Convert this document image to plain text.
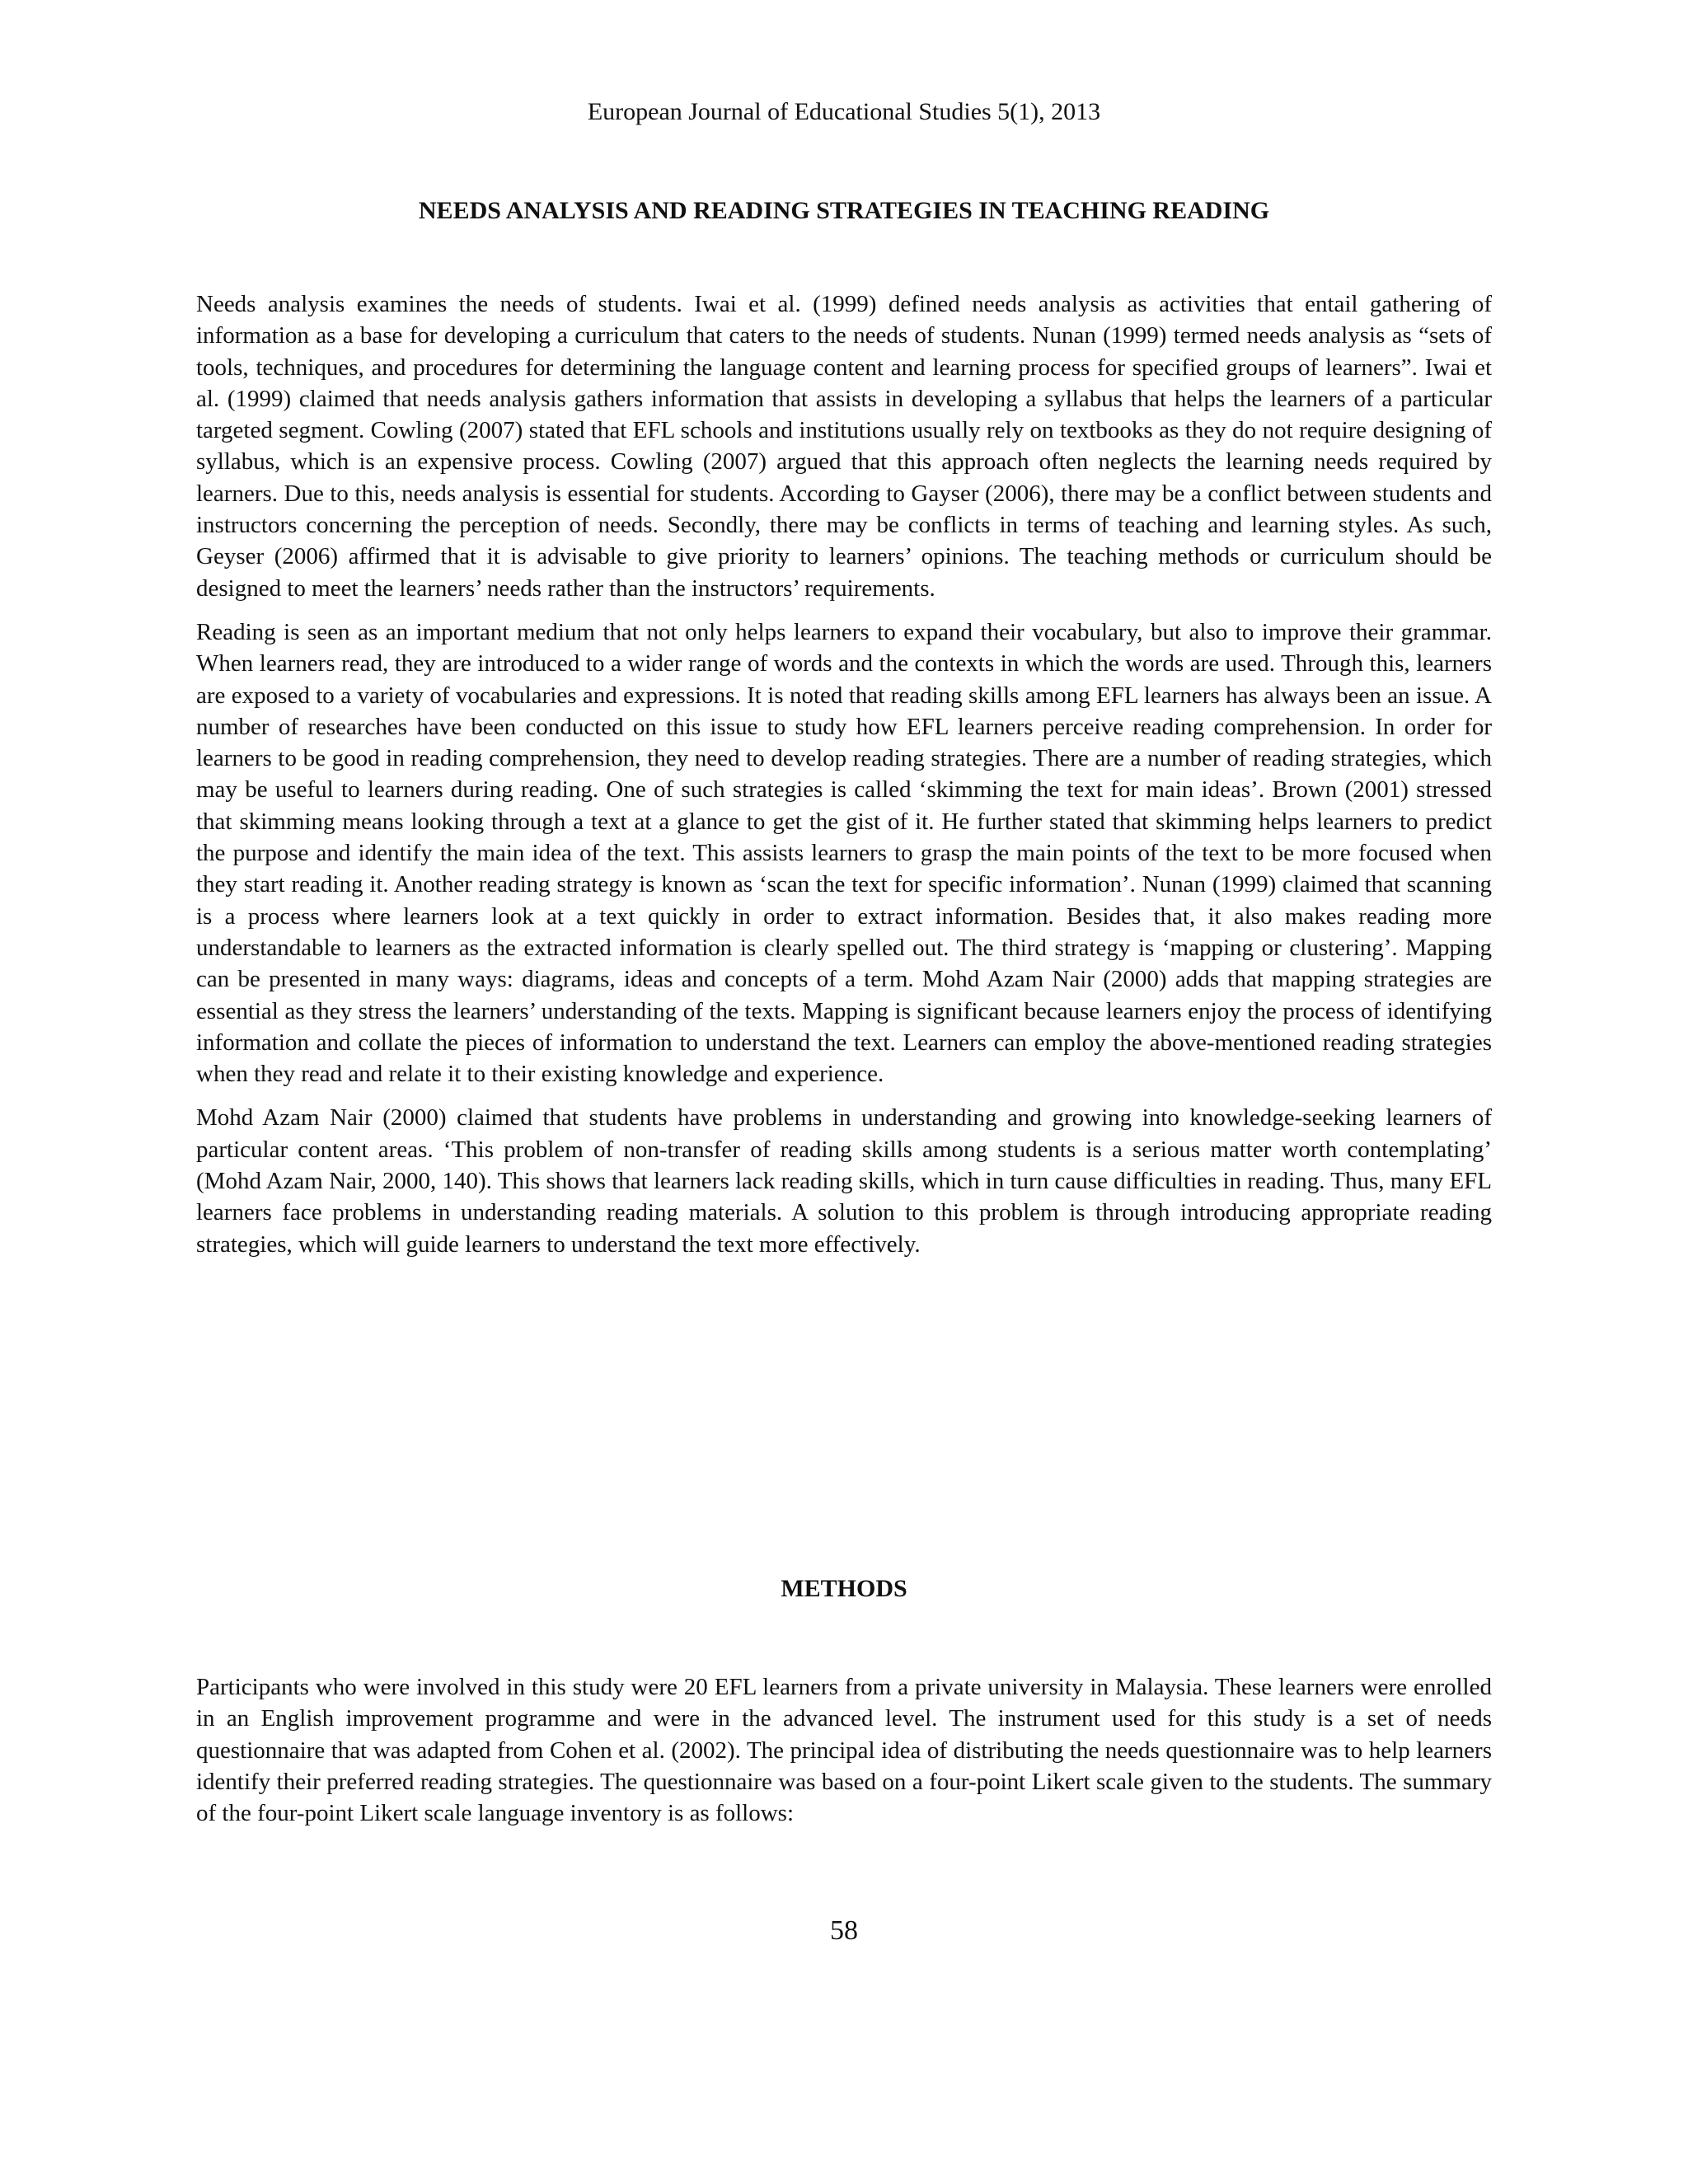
European Journal of Educational Studies 5(1), 2013
NEEDS ANALYSIS AND READING STRATEGIES IN TEACHING READING

Needs analysis examines the needs of students. Iwai et al. (1999) defined needs analysis as activities that entail gathering of information as a base for developing a curriculum that caters to the needs of students. Nunan (1999) termed needs analysis as “sets of tools, techniques, and procedures for determining the language content and learning process for specified groups of learners”. Iwai et al. (1999) claimed that needs analysis gathers information that assists in developing a syllabus that helps the learners of a particular targeted segment. Cowling (2007) stated that EFL schools and institutions usually rely on textbooks as they do not require designing of syllabus, which is an expensive process. Cowling (2007) argued that this approach often neglects the learning needs required by learners. Due to this, needs analysis is essential for students. According to Gayser (2006), there may be a conflict between students and instructors concerning the perception of needs. Secondly, there may be conflicts in terms of teaching and learning styles. As such, Geyser (2006) affirmed that it is advisable to give priority to learners’ opinions. The teaching methods or curriculum should be designed to meet the learners’ needs rather than the instructors’ requirements.

Reading is seen as an important medium that not only helps learners to expand their vocabulary, but also to improve their grammar. When learners read, they are introduced to a wider range of words and the contexts in which the words are used. Through this, learners are exposed to a variety of vocabularies and expressions. It is noted that reading skills among EFL learners has always been an issue. A number of researches have been conducted on this issue to study how EFL learners perceive reading comprehension. In order for learners to be good in reading comprehension, they need to develop reading strategies. There are a number of reading strategies, which may be useful to learners during reading. One of such strategies is called ‘skimming the text for main ideas’. Brown (2001) stressed that skimming means looking through a text at a glance to get the gist of it. He further stated that skimming helps learners to predict the purpose and identify the main idea of the text. This assists learners to grasp the main points of the text to be more focused when they start reading it. Another reading strategy is known as ‘scan the text for specific information’. Nunan (1999) claimed that scanning is a process where learners look at a text quickly in order to extract information. Besides that, it also makes reading more understandable to learners as the extracted information is clearly spelled out. The third strategy is ‘mapping or clustering’. Mapping can be presented in many ways: diagrams, ideas and concepts of a term. Mohd Azam Nair (2000) adds that mapping strategies are essential as they stress the learners’ understanding of the texts. Mapping is significant because learners enjoy the process of identifying information and collate the pieces of information to understand the text. Learners can employ the above-mentioned reading strategies when they read and relate it to their existing knowledge and experience.

Mohd Azam Nair (2000) claimed that students have problems in understanding and growing into knowledge-seeking learners of particular content areas. ‘This problem of non-transfer of reading skills among students is a serious matter worth contemplating’ (Mohd Azam Nair, 2000, 140). This shows that learners lack reading skills, which in turn cause difficulties in reading. Thus, many EFL learners face problems in understanding reading materials. A solution to this problem is through introducing appropriate reading strategies, which will guide learners to understand the text more effectively.

METHODS

Participants who were involved in this study were 20 EFL learners from a private university in Malaysia. These learners were enrolled in an English improvement programme and were in the advanced level. The instrument used for this study is a set of needs questionnaire that was adapted from Cohen et al. (2002). The principal idea of distributing the needs questionnaire was to help learners identify their preferred reading strategies. The questionnaire was based on a four-point Likert scale given to the students. The summary of the four-point Likert scale language inventory is as follows:

58
